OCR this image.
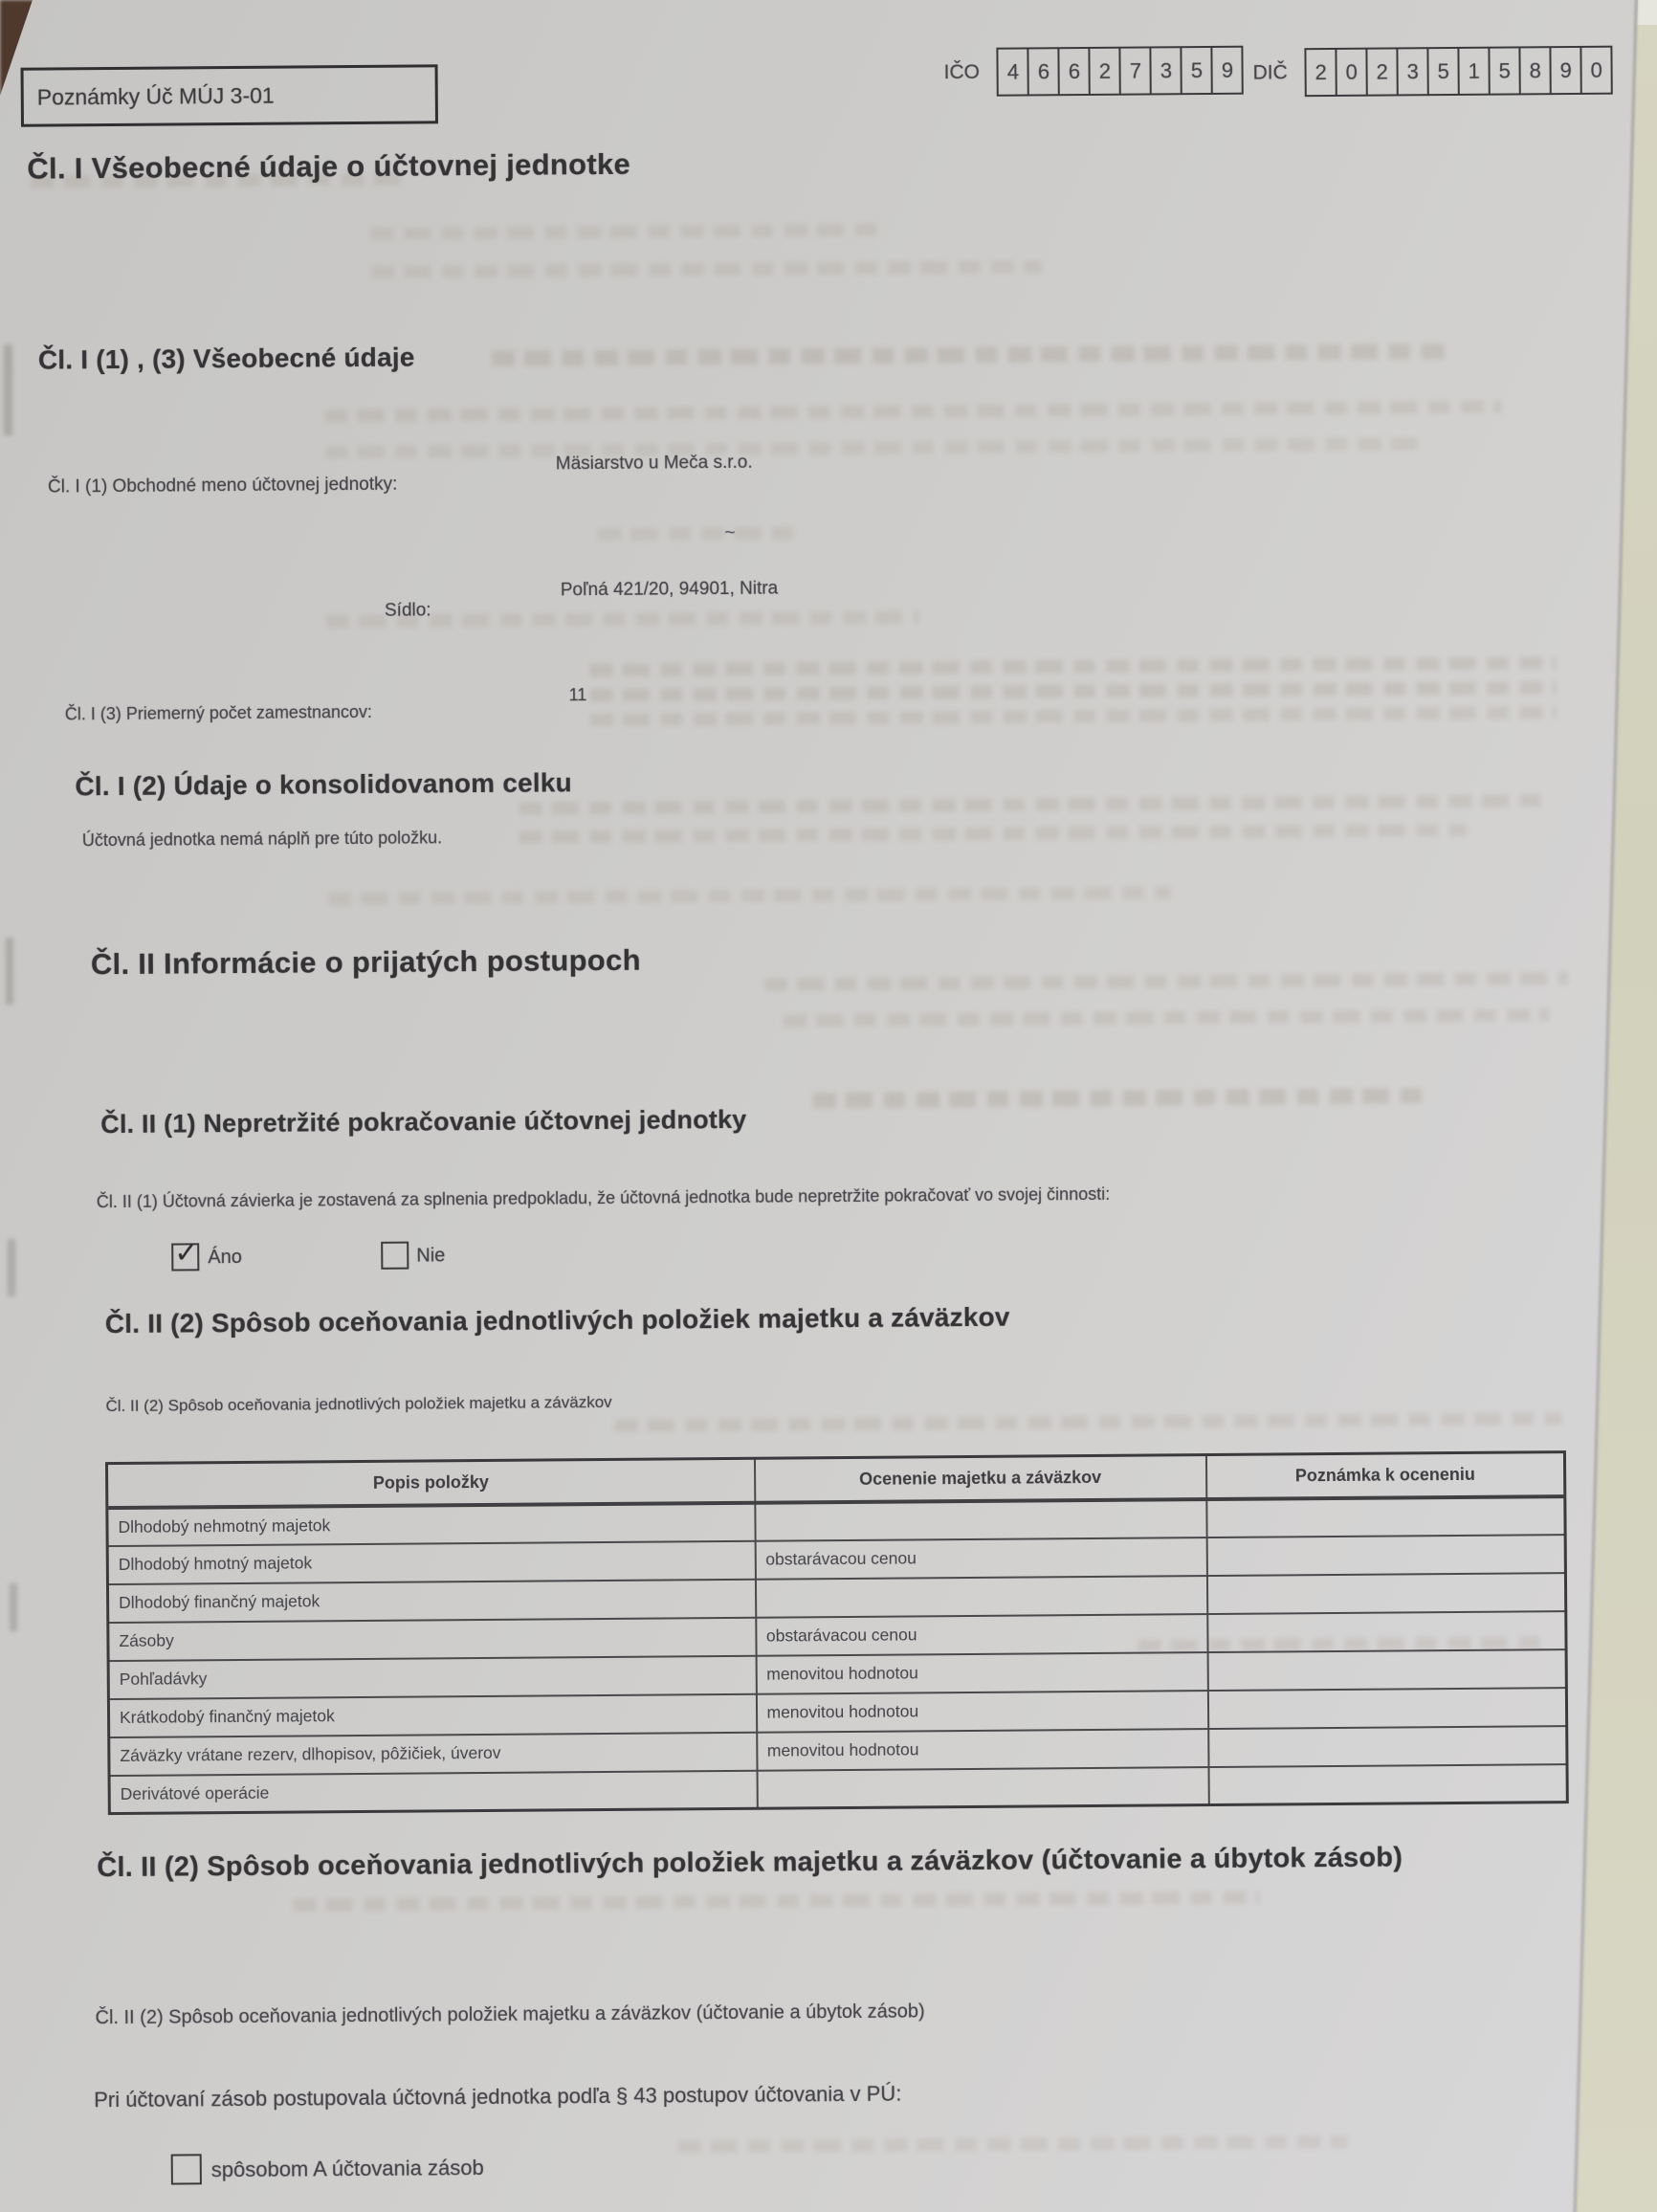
Poznámky Úč MÚJ 3-01
IČO	4 6 6 2 7 3 5 9 DIČ	2 0 2 3 5 1 5 8 9 0
Čl. I Všeobecné údaje o účtovnej jednotke
Čl. I (1) , (3) Všeobecné údaje
Čl. I (1) Obchodné meno účtovnej jednotky:
Mäsiarstvo u Meča s.r.o.
~
Sídlo:
Poľná 421/20, 94901, Nitra
Čl. I (3) Priemerný počet zamestnancov:
11
Čl. I (2) Údaje o konsolidovanom celku
Účtovná jednotka nemá náplň pre túto položku.
Čl. II Informácie o prijatých postupoch
Čl. II (1) Nepretržité pokračovanie účtovnej jednotky
Čl. II (1) Účtovná závierka je zostavená za splnenia predpokladu, že účtovná jednotka bude nepretržite pokračovať vo svojej činnosti:
✓ Áno	Nie
Čl. II (2) Spôsob oceňovania jednotlivých položiek majetku a záväzkov
Čl. II (2) Spôsob oceňovania jednotlivých položiek majetku a záväzkov
Popis položky	Ocenenie majetku a záväzkov	Poznámka k oceneniu
Dlhodobý nehmotný majetok		
Dlhodobý hmotný majetok	obstarávacou cenou	
Dlhodobý finančný majetok		
Zásoby	obstarávacou cenou	
Pohľadávky	menovitou hodnotou	
Krátkodobý finančný majetok	menovitou hodnotou	
Záväzky vrátane rezerv, dlhopisov, pôžičiek, úverov	menovitou hodnotou	
Derivátové operácie		
Čl. II (2) Spôsob oceňovania jednotlivých položiek majetku a záväzkov (účtovanie a úbytok zásob)
Čl. II (2) Spôsob oceňovania jednotlivých položiek majetku a záväzkov (účtovanie a úbytok zásob)
Pri účtovaní zásob postupovala účtovná jednotka podľa § 43 postupov účtovania v PÚ:
spôsobom A účtovania zásob
